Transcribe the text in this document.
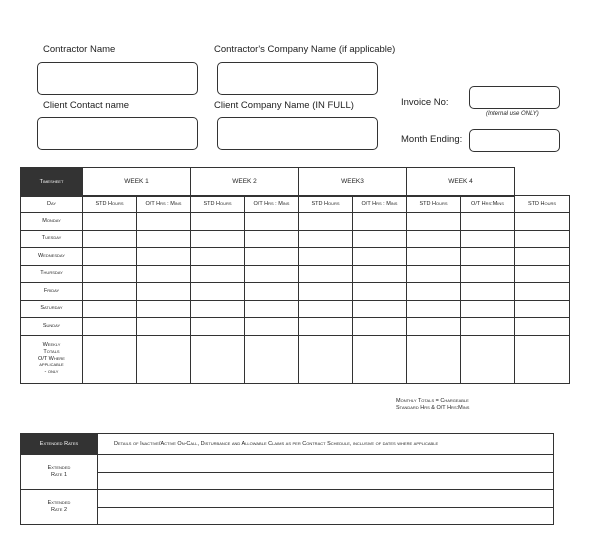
Contractor Name	Contractor's Company Name (if applicable)
Client Contact name	Client Company Name (IN FULL)	Invoice No:
(Internal use ONLY)
Month Ending:
Timesheet	WEEK 1	WEEK 2	WEEK3	WEEK 4
Day	STD Hours	O/T Hrs : Mins	STD Hours	O/T Hrs : Mins	STD Hours	O/T Hrs : Mins	STD Hours	O/T Hrs:Mins	STD Hours
Monday									
Tuesday									
Wednesday									
Thursday									
Friday									
Saturday									
Sunday									

Weekly
Totals
O/T Where
applicable
- only									

Monthly Totals = Chargeable
Standard Hrs & O/T Hrs:Mins
Extended Rates	Details of Inactive/Active On-Call, Disturbance and Allowable Claims as per Contract Schedule, inclusive of dates where applicable

Extended
Rate 1	

Extended
Rate 2	
